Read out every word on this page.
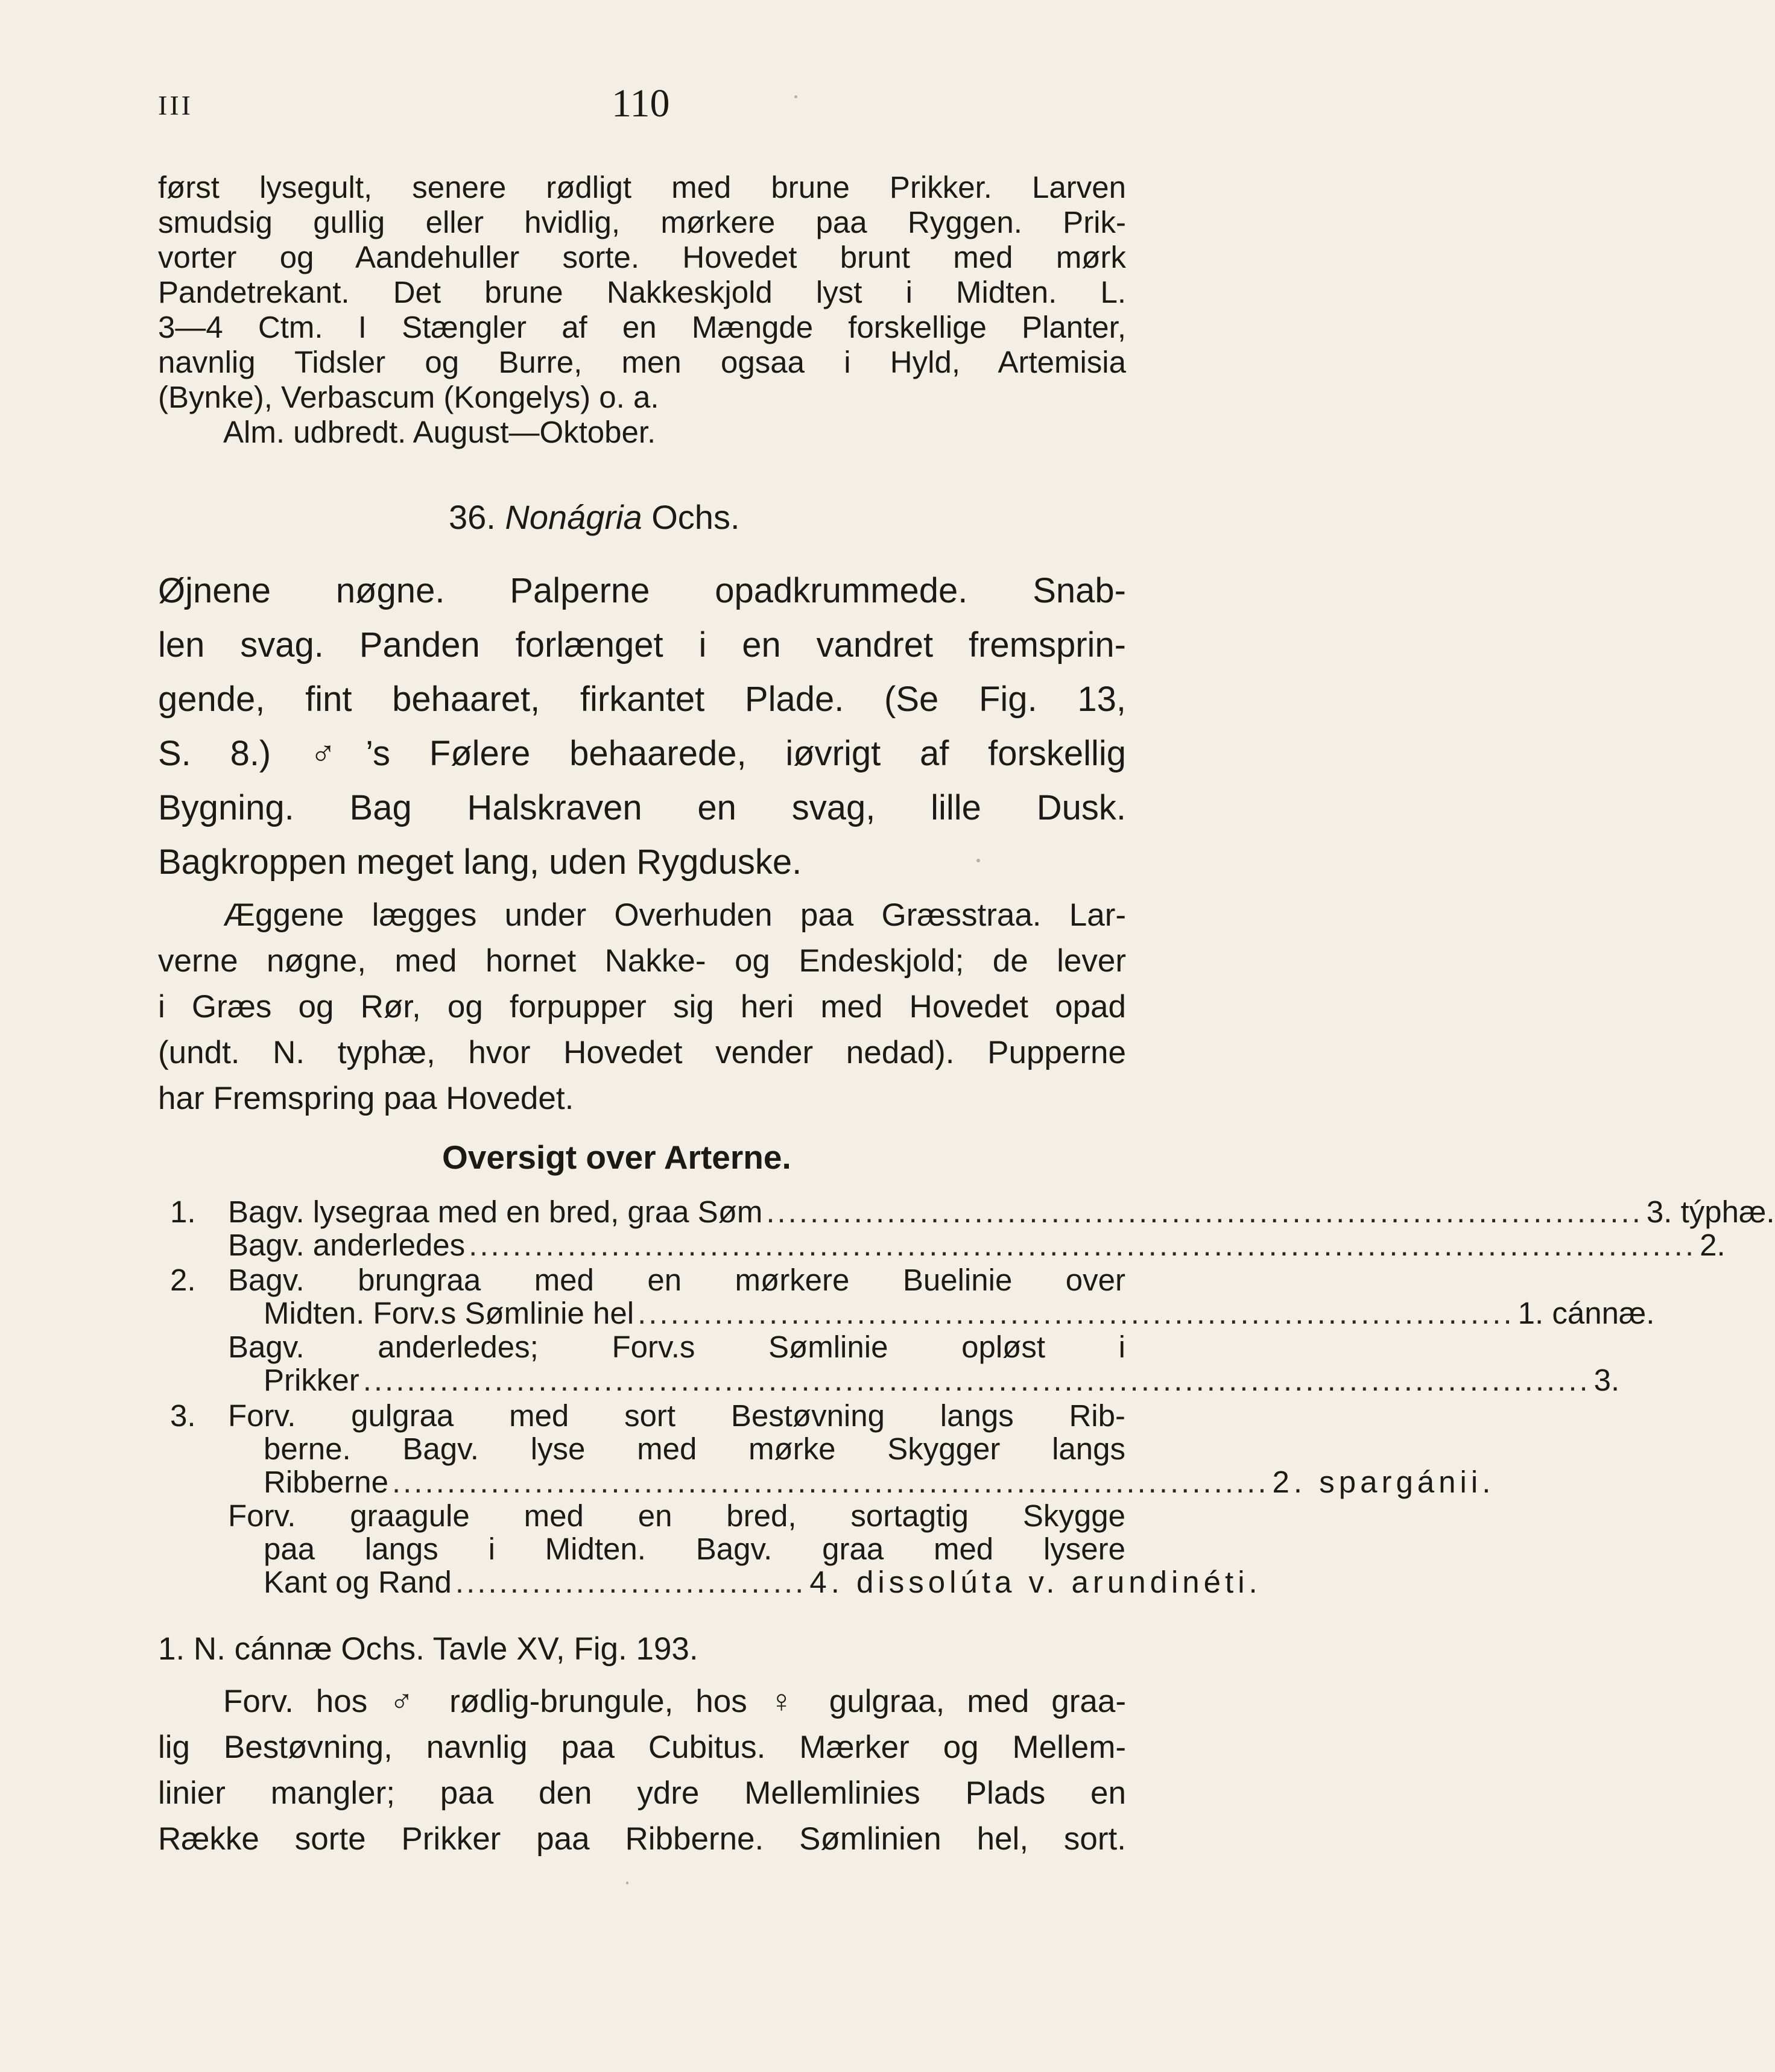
III	110
først lysegult, senere rødligt med brune Prikker. Larven
smudsig gullig eller hvidlig, mørkere paa Ryggen. Prik-
vorter og Aandehuller sorte. Hovedet brunt med mørk
Pandetrekant. Det brune Nakkeskjold lyst i Midten. L.
3—4 Ctm. I Stængler af en Mængde forskellige Planter,
navnlig Tidsler og Burre, men ogsaa i Hyld, Artemisia
(Bynke), Verbascum (Kongelys) o. a.
Alm. udbredt. August—Oktober.
36. Nonágria Ochs.
Øjnene nøgne. Palperne opadkrummede. Snab-
len svag. Panden forlænget i en vandret fremsprin-
gende, fint behaaret, firkantet Plade. (Se Fig. 13,
S. 8.) ♂’s Følere behaarede, iøvrigt af forskellig
Bygning. Bag Halskraven en svag, lille Dusk.
Bagkroppen meget lang, uden Rygduske.
Æggene lægges under Overhuden paa Græsstraa. Lar-
verne nøgne, med hornet Nakke- og Endeskjold; de lever
i Græs og Rør, og forpupper sig heri med Hovedet opad
(undt. N. typhæ, hvor Hovedet vender nedad). Pupperne
har Fremspring paa Hovedet.
Oversigt over Arterne.
1. Bagv. lysegraa med en bred, graa Søm ................................................................................ 3. týphæ.
Bagv. anderledes ................................................................................................................ 2.
2. Bagv. brungraa med en mørkere Buelinie over
Midten. Forv.s Sømlinie hel ................................................................................ 1. cánnæ.
Bagv. anderledes; Forv.s Sømlinie opløst i
Prikker ................................................................................................................ 3.
3. Forv. gulgraa med sort Bestøvning langs Rib-
berne. Bagv. lyse med mørke Skygger langs
Ribberne ................................................................................ 2. spargánii.
Forv. graagule med en bred, sortagtig Skygge
paa langs i Midten. Bagv. graa med lysere
Kant og Rand ................................ 4. dissolúta v. arundinéti.
1. N. cánnæ Ochs. Tavle XV, Fig. 193.
Forv. hos ♂ rødlig-brungule, hos ♀ gulgraa, med graa-
lig Bestøvning, navnlig paa Cubitus. Mærker og Mellem-
linier mangler; paa den ydre Mellemlinies Plads en
Række sorte Prikker paa Ribberne. Sømlinien hel, sort.
